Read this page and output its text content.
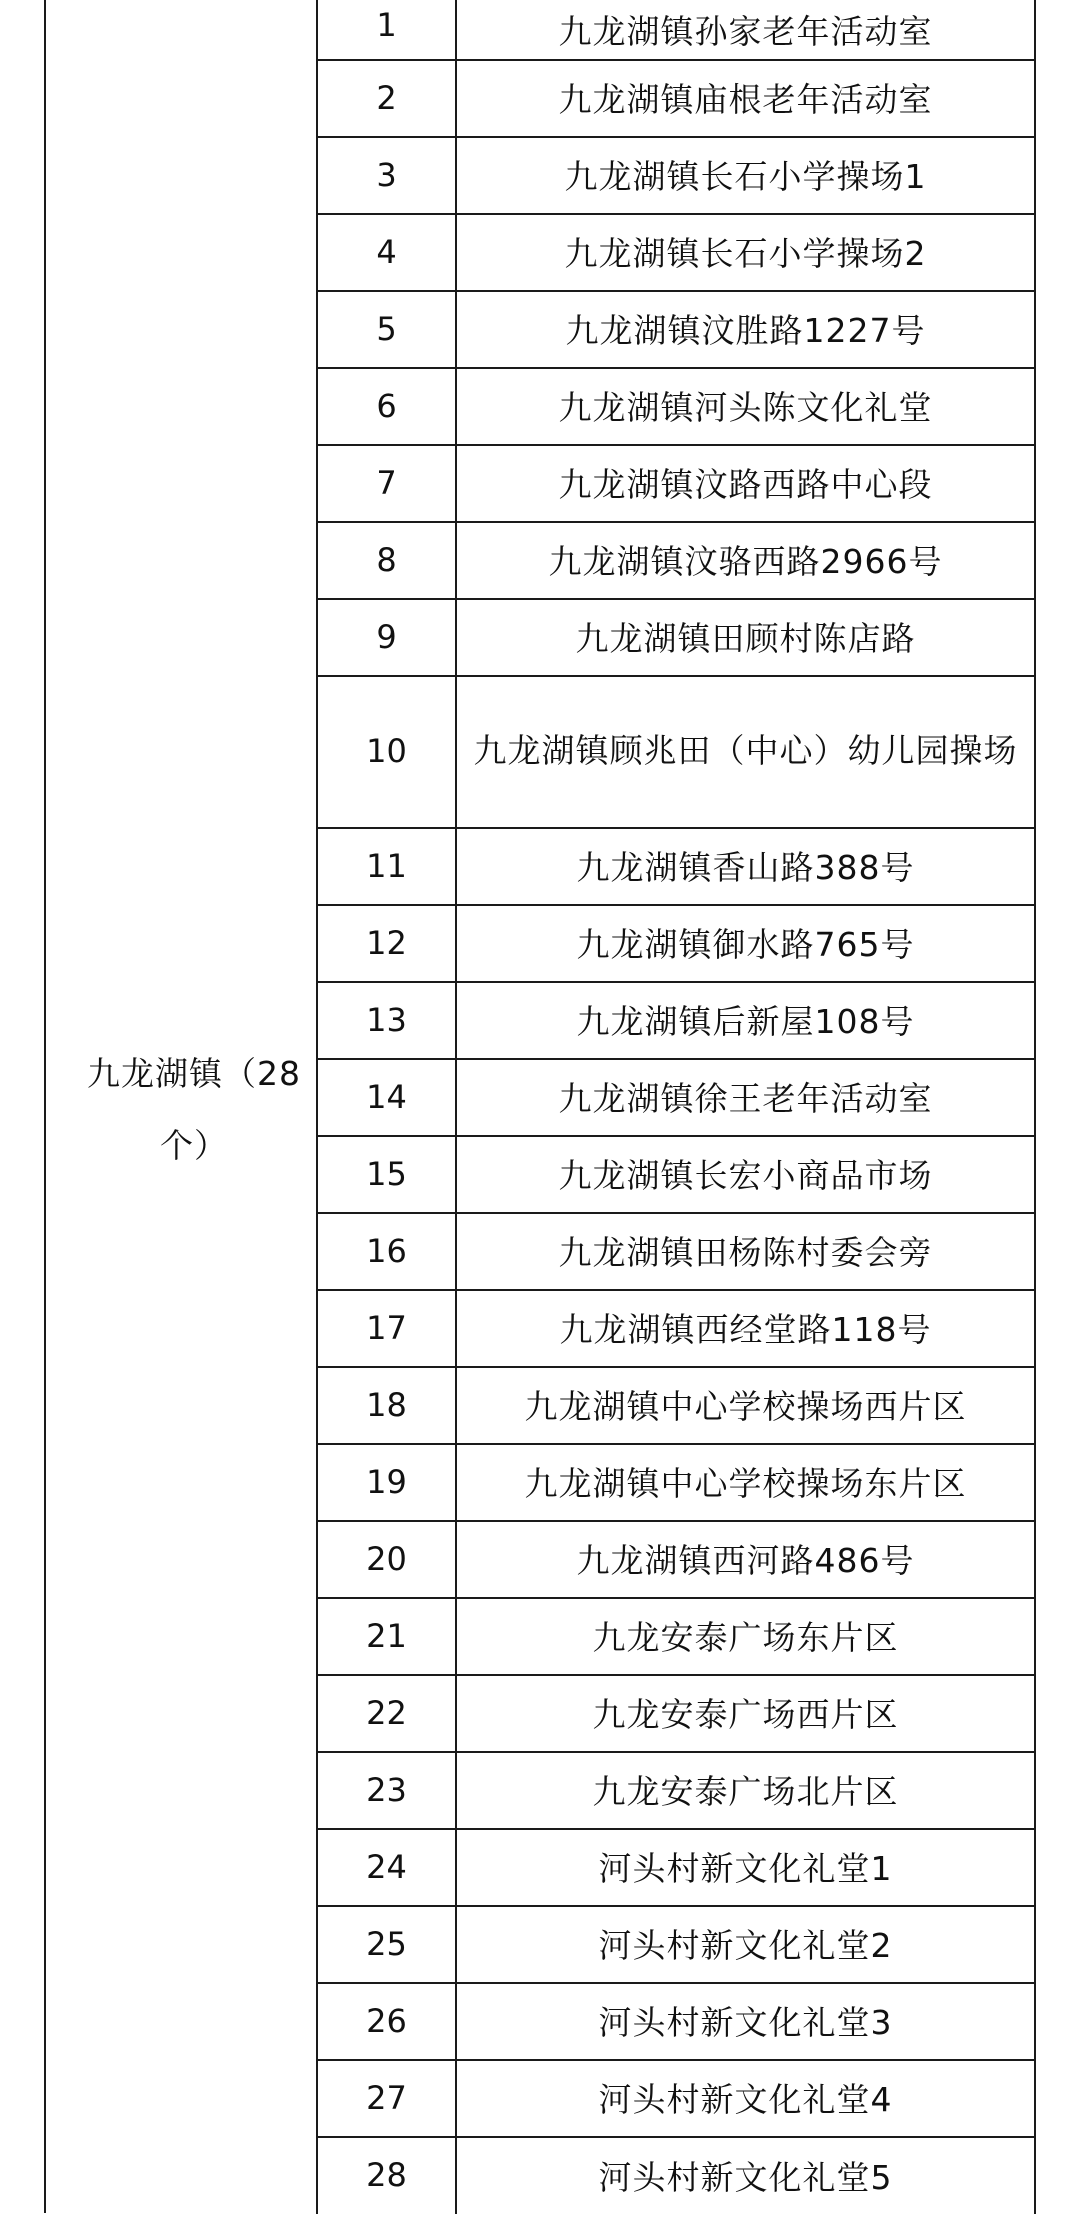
九龙湖镇（28个）
1	九龙湖镇孙家老年活动室
2	九龙湖镇庙根老年活动室
3	九龙湖镇长石小学操场1
4	九龙湖镇长石小学操场2
5	九龙湖镇汶胜路1227号
6	九龙湖镇河头陈文化礼堂
7	九龙湖镇汶路西路中心段
8	九龙湖镇汶骆西路2966号
9	九龙湖镇田顾村陈店路
10	九龙湖镇顾兆田（中心）幼儿园操场
11	九龙湖镇香山路388号
12	九龙湖镇御水路765号
13	九龙湖镇后新屋108号
14	九龙湖镇徐王老年活动室
15	九龙湖镇长宏小商品市场
16	九龙湖镇田杨陈村委会旁
17	九龙湖镇西经堂路118号
18	九龙湖镇中心学校操场西片区
19	九龙湖镇中心学校操场东片区
20	九龙湖镇西河路486号
21	九龙安泰广场东片区
22	九龙安泰广场西片区
23	九龙安泰广场北片区
24	河头村新文化礼堂1
25	河头村新文化礼堂2
26	河头村新文化礼堂3
27	河头村新文化礼堂4
28	河头村新文化礼堂5
